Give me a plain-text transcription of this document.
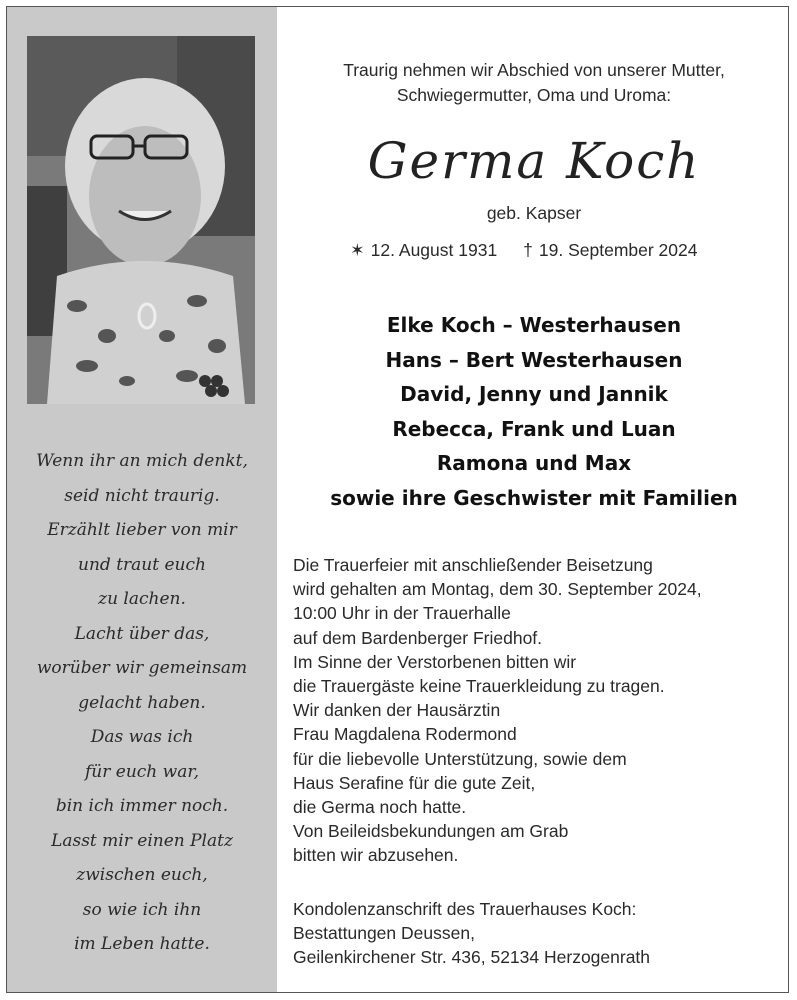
Wenn ihr an mich denkt,
seid nicht traurig.
Erzählt lieber von mir
und traut euch
zu lachen.
Lacht über das,
worüber wir gemeinsam
gelacht haben.
Das was ich
für euch war,
bin ich immer noch.
Lasst mir einen Platz
zwischen euch,
so wie ich ihn
im Leben hatte.
Traurig nehmen wir Abschied von unserer Mutter,
Schwiegermutter, Oma und Uroma:
Germa Koch
geb. Kapser
✶ 12. August 1931 † 19. September 2024
Elke Koch – Westerhausen
Hans – Bert Westerhausen
David, Jenny und Jannik
Rebecca, Frank und Luan
Ramona und Max
sowie ihre Geschwister mit Familien
Die Trauerfeier mit anschließender Beisetzung
wird gehalten am Montag, dem 30. September 2024,
10:00 Uhr in der Trauerhalle
auf dem Bardenberger Friedhof.
Im Sinne der Verstorbenen bitten wir
die Trauergäste keine Trauerkleidung zu tragen.
Wir danken der Hausärztin
Frau Magdalena Rodermond
für die liebevolle Unterstützung, sowie dem
Haus Serafine für die gute Zeit,
die Germa noch hatte.
Von Beileidsbekundungen am Grab
bitten wir abzusehen.
Kondolenzanschrift des Trauerhauses Koch:
Bestattungen Deussen,
Geilenkirchener Str. 436, 52134 Herzogenrath
